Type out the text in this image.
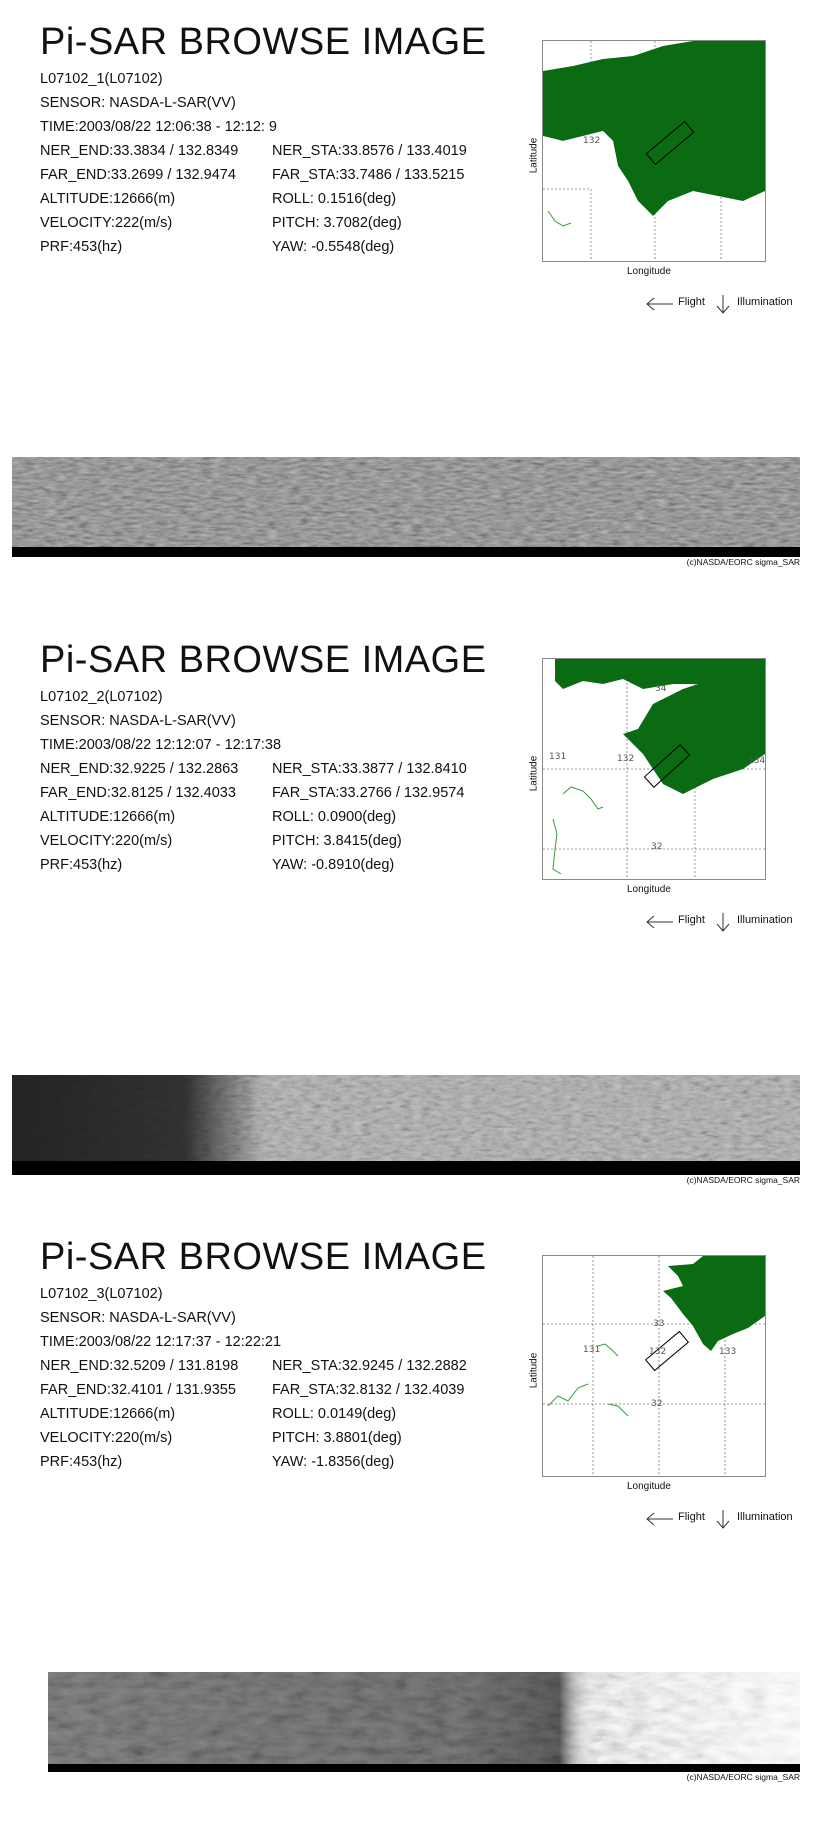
Pi-SAR BROWSE IMAGE
L07102_1(L07102)
SENSOR: NASDA-L-SAR(VV)
TIME:2003/08/22 12:06:38 - 12:12: 9
NER_END:33.3834 / 132.8349 NER_STA:33.8576 / 133.4019
FAR_END:33.2699 / 132.9474 FAR_STA:33.7486 / 133.5215
ALTITUDE:12666(m)	ROLL: 0.1516(deg)
VELOCITY:222(m/s)	PITCH: 3.7082(deg)
PRF:453(hz)	YAW: -0.5548(deg)
132
Latitude
Longitude
Flight	Illumination
(c)NASDA/EORC sigma_SAR
Pi-SAR BROWSE IMAGE
L07102_2(L07102)
SENSOR: NASDA-L-SAR(VV)
TIME:2003/08/22 12:12:07 - 12:17:38
NER_END:32.9225 / 132.2863 NER_STA:33.3877 / 132.8410
FAR_END:32.8125 / 132.4033 FAR_STA:33.2766 / 132.9574
ALTITUDE:12666(m)	ROLL: 0.0900(deg)
VELOCITY:220(m/s)	PITCH: 3.8415(deg)
PRF:453(hz)	YAW: -0.8910(deg)
34
131	132	134
32
Latitude
Longitude
Flight	Illumination
(c)NASDA/EORC sigma_SAR
Pi-SAR BROWSE IMAGE
L07102_3(L07102)
SENSOR: NASDA-L-SAR(VV)
TIME:2003/08/22 12:17:37 - 12:22:21
NER_END:32.5209 / 131.8198 NER_STA:32.9245 / 132.2882
FAR_END:32.4101 / 131.9355 FAR_STA:32.8132 / 132.4039
ALTITUDE:12666(m)	ROLL: 0.0149(deg)
VELOCITY:220(m/s)	PITCH: 3.8801(deg)
PRF:453(hz)	YAW: -1.8356(deg)
33
131	132	133
32
Latitude
Longitude
Flight	Illumination
(c)NASDA/EORC sigma_SAR
